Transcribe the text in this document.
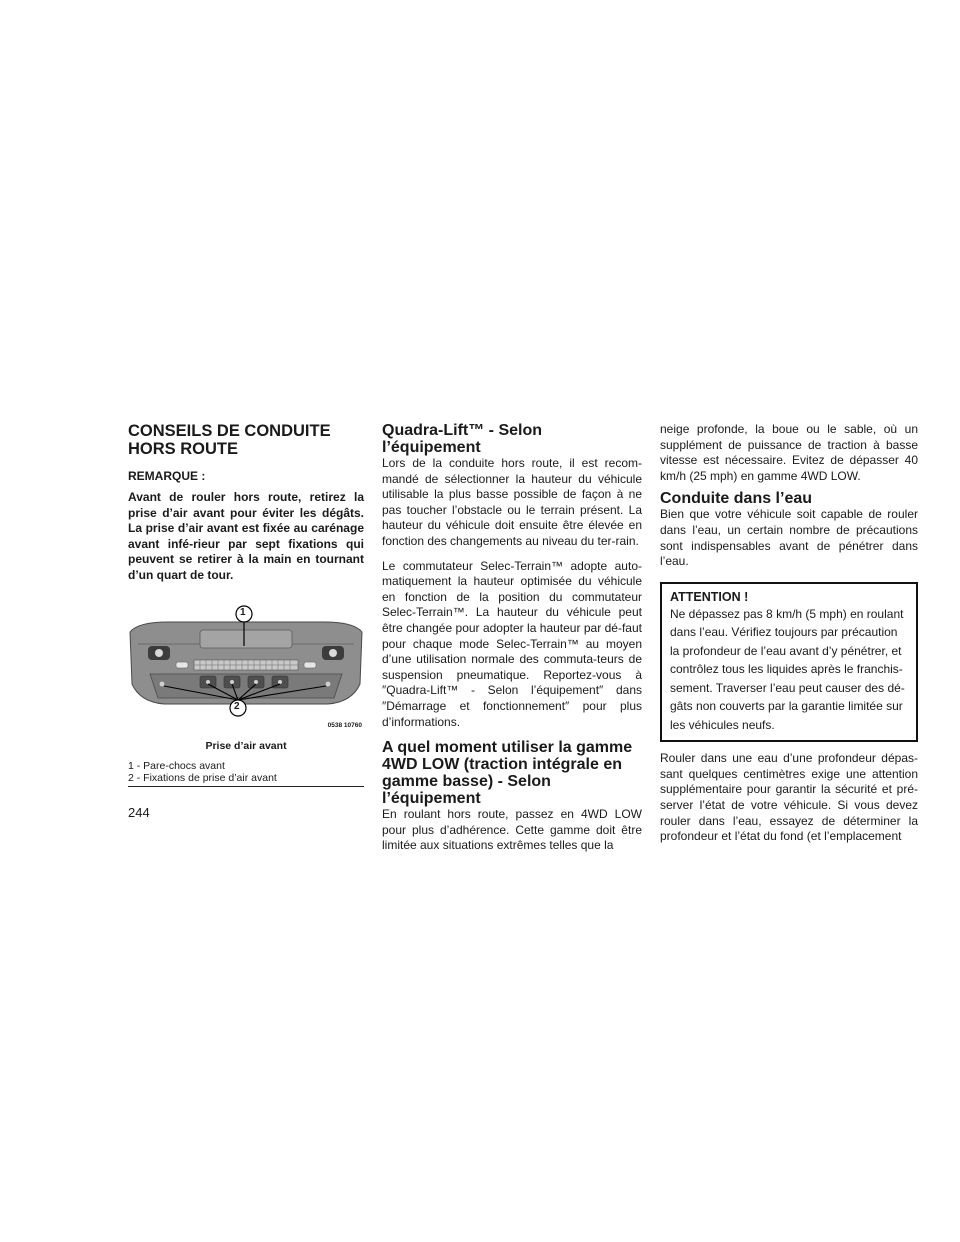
CONSEILS DE CONDUITE HORS ROUTE
REMARQUE :
Avant de rouler hors route, retirez la prise d’air avant pour éviter les dégâts. La prise d’air avant est fixée au carénage avant infé-rieur par sept fixations qui peuvent se retirer à la main en tournant d’un quart de tour.
1
2
0538 10760
Prise d’air avant
1 - Pare-chocs avant
2 - Fixations de prise d’air avant
Quadra-Lift™ - Selon l’équipement
Lors de la conduite hors route, il est recom-mandé de sélectionner la hauteur du véhicule utilisable la plus basse possible de façon à ne pas toucher l’obstacle ou le terrain présent. La hauteur du véhicule doit ensuite être élevée en fonction des changements au niveau du ter-rain.
Le commutateur Selec-Terrain™ adopte auto-matiquement la hauteur optimisée du véhicule en fonction de la position du commutateur Selec-Terrain™. La hauteur du véhicule peut être changée pour adopter la hauteur par dé-faut pour chaque mode Selec-Terrain™ au moyen d’une utilisation normale des commuta-teurs de suspension pneumatique. Reportez-vous à ″Quadra-Lift™ - Selon l’équipement″ dans ″Démarrage et fonctionnement″ pour plus d’informations.
A quel moment utiliser la gamme 4WD LOW (traction intégrale en gamme basse) - Selon l’équipement
En roulant hors route, passez en 4WD LOW pour plus d’adhérence. Cette gamme doit être limitée aux situations extrêmes telles que la
neige profonde, la boue ou le sable, où un supplément de puissance de traction à basse vitesse est nécessaire. Evitez de dépasser 40 km/h (25 mph) en gamme 4WD LOW.
Conduite dans l’eau
Bien que votre véhicule soit capable de rouler dans l’eau, un certain nombre de précautions sont indispensables avant de pénétrer dans l’eau.
ATTENTION !
Ne dépassez pas 8 km/h (5 mph) en roulant dans l’eau. Vérifiez toujours par précaution la profondeur de l’eau avant d’y pénétrer, et contrôlez tous les liquides après le franchis-sement. Traverser l’eau peut causer des dé-gâts non couverts par la garantie limitée sur les véhicules neufs.
Rouler dans une eau d’une profondeur dépas-sant quelques centimètres exige une attention supplémentaire pour garantir la sécurité et pré-server l’état de votre véhicule. Si vous devez rouler dans l’eau, essayez de déterminer la profondeur et l’état du fond (et l’emplacement
244
